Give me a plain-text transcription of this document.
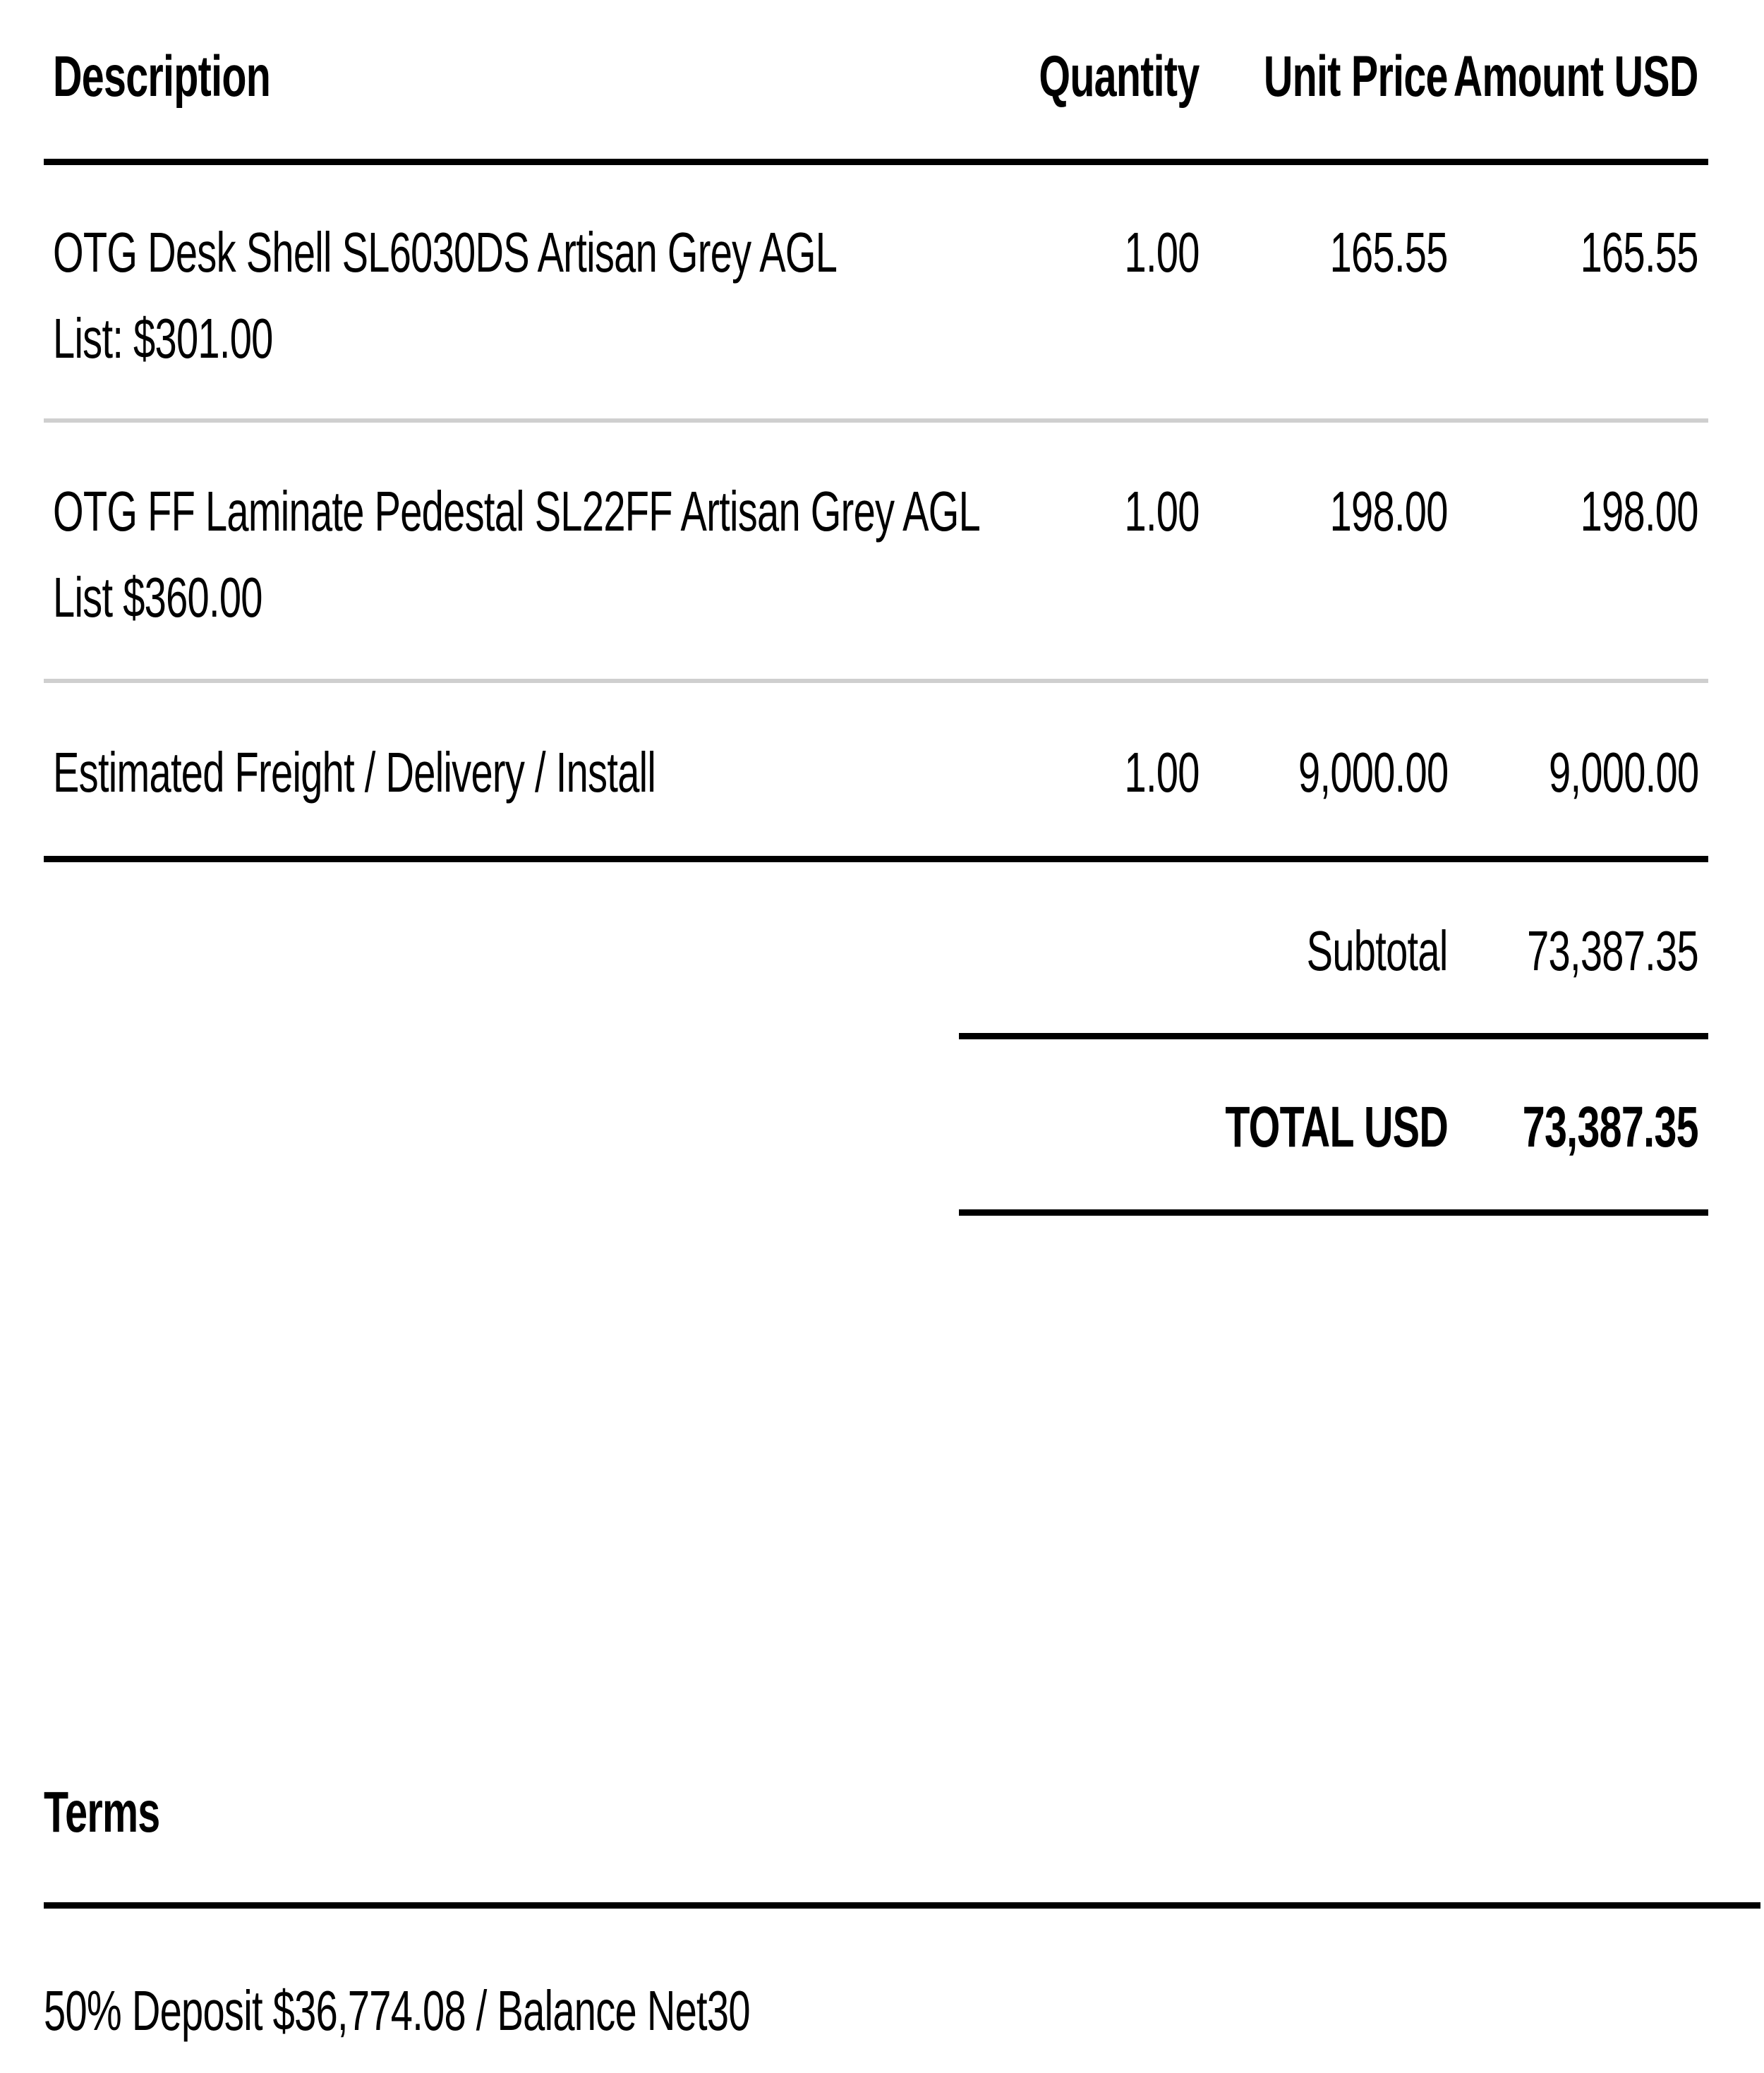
Description	Quantity Unit Price Amount USD
OTG Desk Shell SL6030DS Artisan Grey AGL
List: $301.00
1.00 165.55 165.55
OTG FF Laminate Pedestal SL22FF Artisan Grey AGL
List $360.00
1.00 198.00 198.00
Estimated Freight / Delivery / Install	1.00 9,000.00 9,000.00
Subtotal 73,387.35
TOTAL USD 73,387.35
Terms
50% Deposit $36,774.08 / Balance Net30
